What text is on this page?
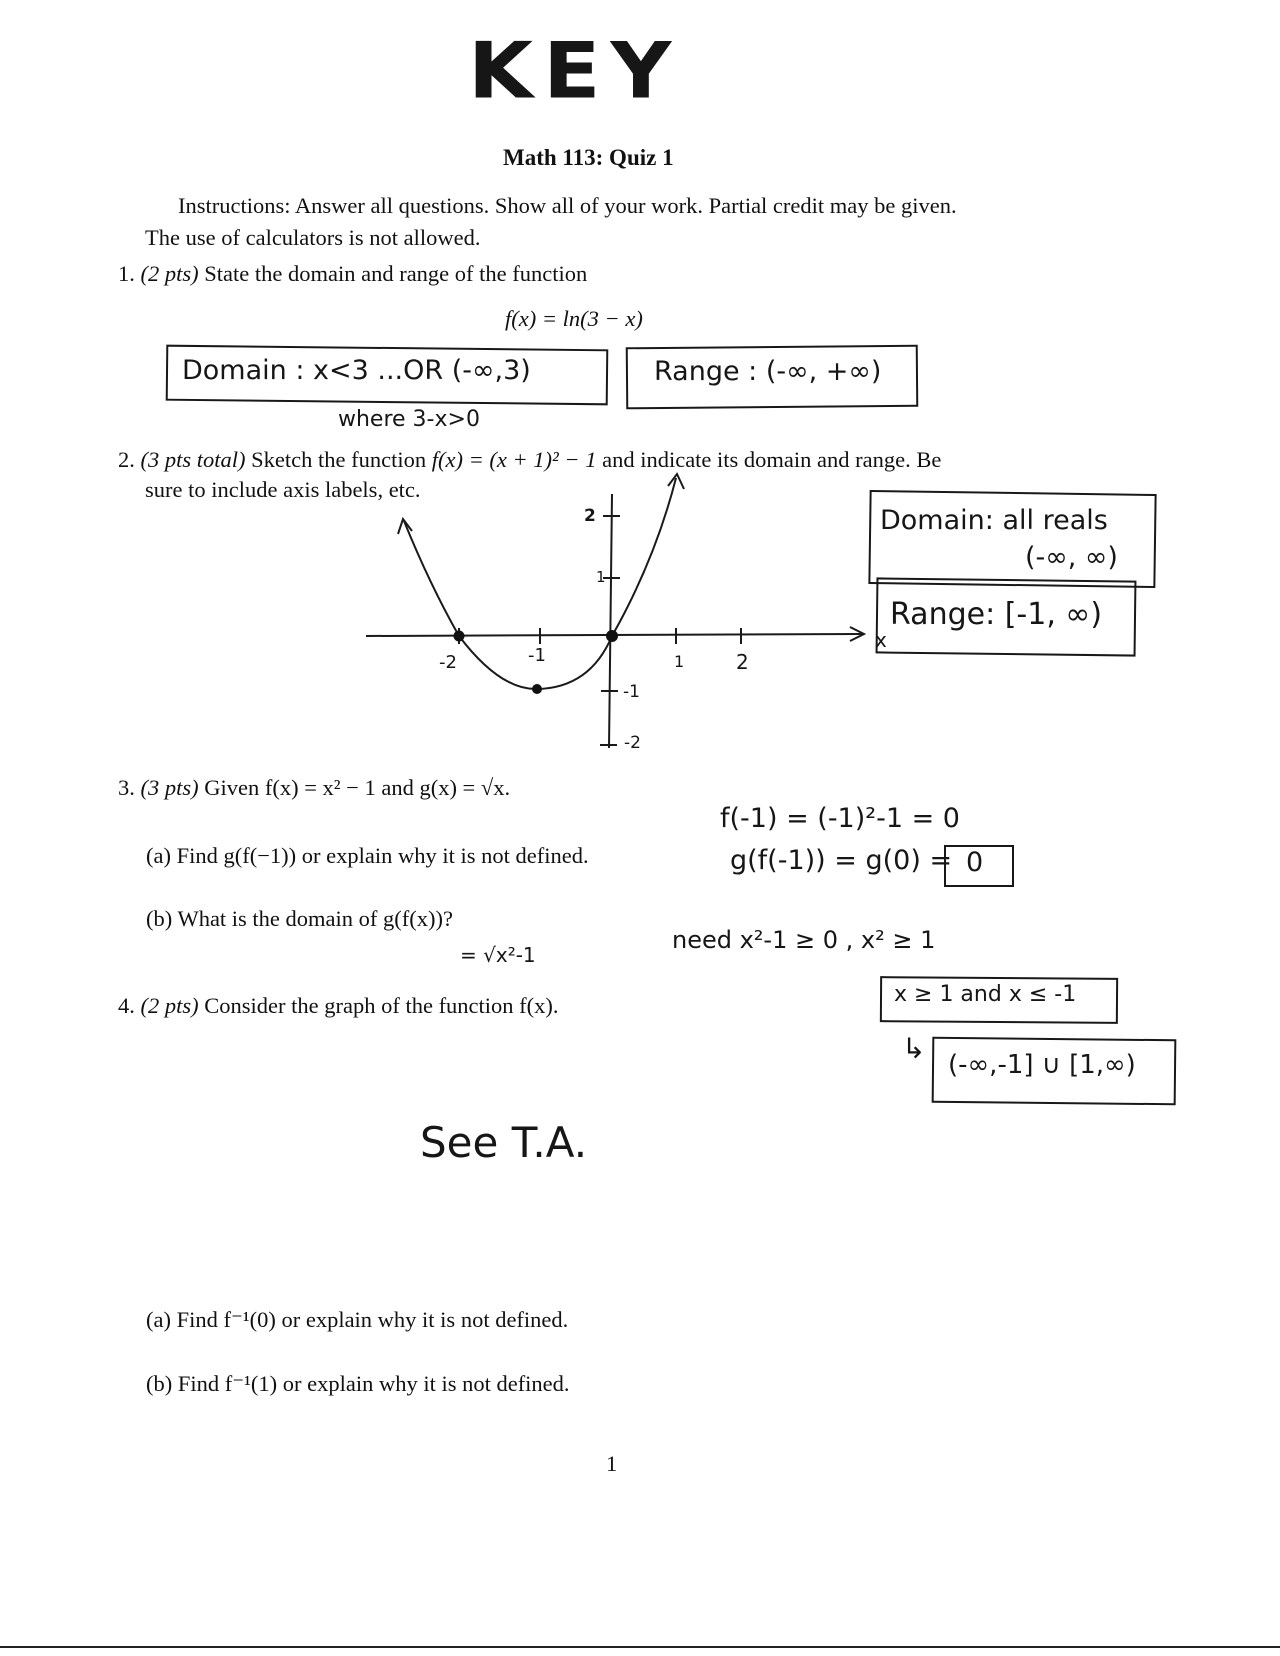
KEY
Math 113: Quiz 1
Instructions: Answer all questions. Show all of your work. Partial credit may be given.
The use of calculators is not allowed.
1. (2 pts) State the domain and range of the function
f(x) = ln(3 − x)
Domain : x<3 ...OR (-∞,3)	Range : (-∞, +∞)
where 3-x>0
2. (3 pts total) Sketch the function f(x) = (x + 1)² − 1 and indicate its domain and range. Be
sure to include axis labels, etc.
x
-2	-1	1	2
2
1
-1
-2
Domain: all reals
(-∞, ∞)
Range: [-1, ∞)
3. (3 pts) Given f(x) = x² − 1 and g(x) = √x.
(a) Find g(f(−1)) or explain why it is not defined.
(b) What is the domain of g(f(x))?
f(-1) = (-1)²-1 = 0
g(f(-1)) = g(0) = 0
= √x²-1
need x²-1 ≥ 0 , x² ≥ 1
x ≥ 1 and x ≤ -1
↳ (-∞,-1] ∪ [1,∞)
4. (2 pts) Consider the graph of the function f(x).
See T.A.
(a) Find f⁻¹(0) or explain why it is not defined.
(b) Find f⁻¹(1) or explain why it is not defined.
1
